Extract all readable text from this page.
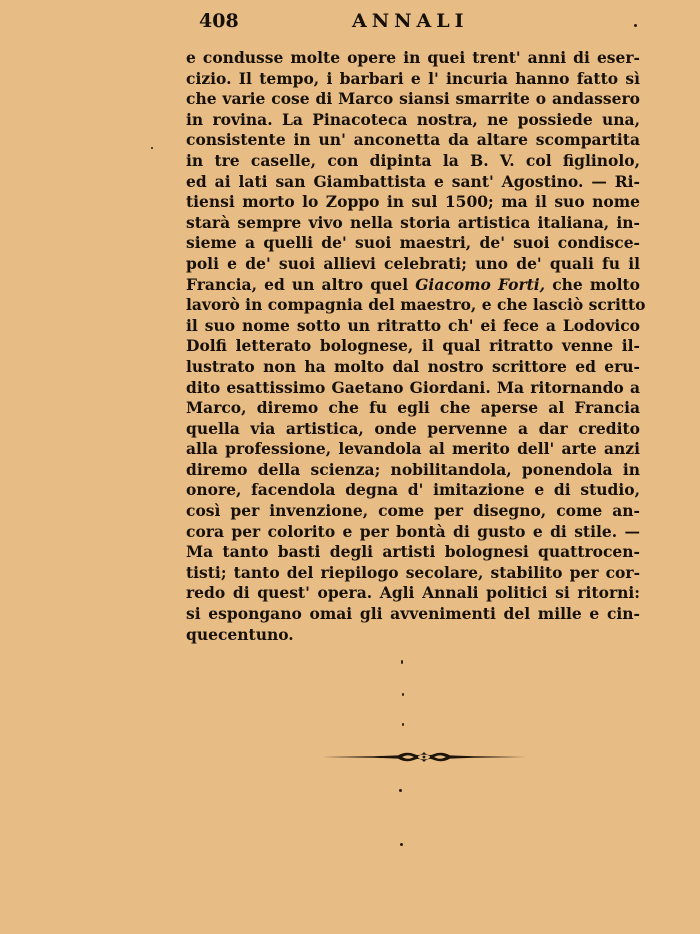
408	ANNALI
e condusse molte opere in quei trent' anni di eser-
cizio. Il tempo, i barbari e l' incuria hanno fatto sì
che varie cose di Marco siansi smarrite o andassero
in rovina. La Pinacoteca nostra, ne possiede una,
consistente in un' anconetta da altare scompartita
in tre caselle, con dipinta la B. V. col figlinolo,
ed ai lati san Giambattista e sant' Agostino. — Ri-
tiensi morto lo Zoppo in sul 1500; ma il suo nome
starà sempre vivo nella storia artistica italiana, in-
sieme a quelli de' suoi maestri, de' suoi condisce-
poli e de' suoi allievi celebrati; uno de' quali fu il
Francia, ed un altro quel Giacomo Forti, che molto
lavorò in compagnia del maestro, e che lasciò scritto
il suo nome sotto un ritratto ch' ei fece a Lodovico
Dolfi letterato bolognese, il qual ritratto venne il-
lustrato non ha molto dal nostro scrittore ed eru-
dito esattissimo Gaetano Giordani. Ma ritornando a
Marco, diremo che fu egli che aperse al Francia
quella via artistica, onde pervenne a dar credito
alla professione, levandola al merito dell' arte anzi
diremo della scienza; nobilitandola, ponendola in
onore, facendola degna d' imitazione e di studio,
così per invenzione, come per disegno, come an-
cora per colorito e per bontà di gusto e di stile. —
Ma tanto basti degli artisti bolognesi quattrocen-
tisti; tanto del riepilogo secolare, stabilito per cor-
redo di quest' opera. Agli Annali politici si ritorni:
si espongano omai gli avvenimenti del mille e cin-
quecentuno.
